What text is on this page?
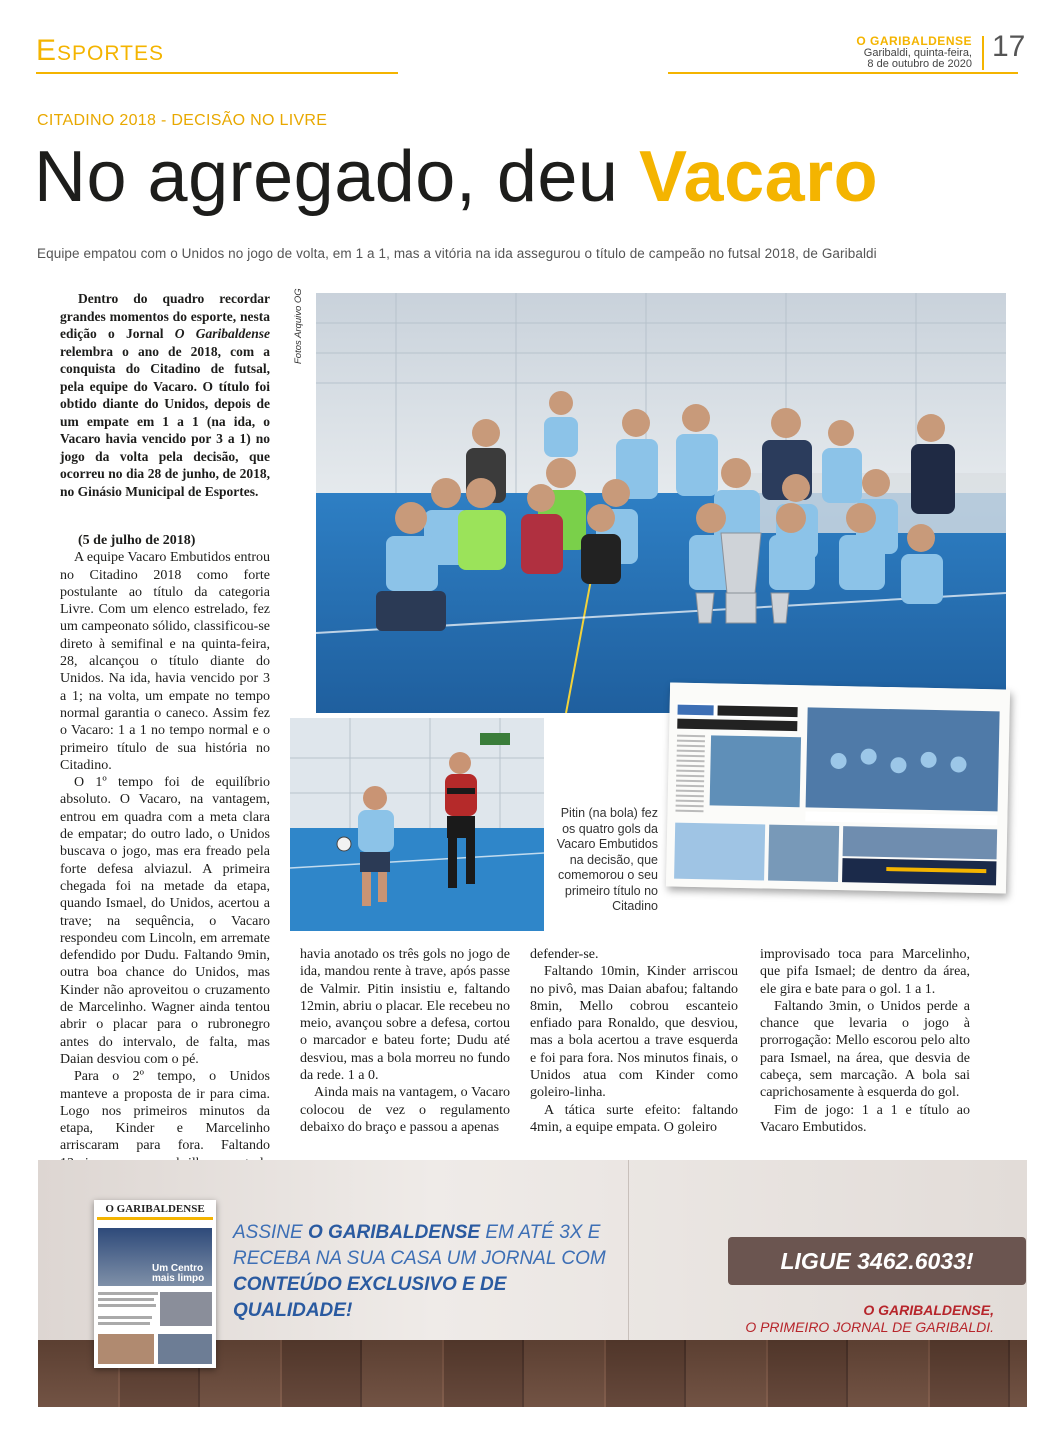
Esportes	O GARIBALDENSE
Garibaldi, quinta-feira,
8 de outubro de 2020
17
CITADINO 2018 - DECISÃO NO LIVRE
No agregado, deu Vacaro
Equipe empatou com o Unidos no jogo de volta, em 1 a 1, mas a vitória na ida assegurou o título de campeão no futsal 2018, de Garibaldi

Dentro do quadro recordar grandes momentos do esporte, nesta edição o Jornal O Garibaldense relembra o ano de 2018, com a conquista do Citadino de futsal, pela equipe do Vacaro. O título foi obtido diante do Unidos, depois de um empate em 1 a 1 (na ida, o Vacaro havia vencido por 3 a 1) no jogo da volta pela decisão, que ocorreu no dia 28 de junho, de 2018, no Ginásio Municipal de Esportes.

(5 de julho de 2018)

A equipe Vacaro Embutidos entrou no Citadino 2018 como forte postulante ao título da categoria Livre. Com um elenco estrelado, fez um campeonato sólido, classificou-se direto à semifinal e na quinta-feira, 28, alcançou o título diante do Unidos. Na ida, havia vencido por 3 a 1; na volta, um empate no tempo normal garantia o caneco. Assim fez o Vacaro: 1 a 1 no tempo normal e o primeiro título de sua história no Citadino.

O 1º tempo foi de equilíbrio absoluto. O Vacaro, na vantagem, entrou em quadra com a meta clara de empatar; do outro lado, o Unidos buscava o jogo, mas era freado pela forte defesa alviazul. A primeira chegada foi na metade da etapa, quando Ismael, do Unidos, acertou a trave; na sequência, o Vacaro respondeu com Lincoln, em arremate defendido por Dudu. Faltando 9min, outra boa chance do Unidos, mas Kinder não aproveitou o cruzamento de Marcelinho. Wagner ainda tentou abrir o placar para o rubronegro antes do intervalo, de falta, mas Daian desviou com o pé.

Para o 2º tempo, o Unidos manteve a proposta de ir para cima. Logo nos primeiros minutos da etapa, Kinder e Marcelinho arriscaram para fora. Faltando

havia anotado os três gols no jogo de ida, mandou rente à trave, após passe de Valmir. Pitin insistiu e, faltando 12min, abriu o placar. Ele recebeu no meio, avançou sobre a defesa, cortou o marcador e bateu forte; Dudu até desviou, mas a bola morreu no fundo da rede. 1 a 0.

Ainda mais na vantagem, o Vacaro colocou de vez o regulamento debaixo do braço e passou a apenas

defender-se.

Faltando 10min, Kinder arriscou no pivô, mas Daian abafou; faltando 8min, Mello cobrou escanteio enfiado para Ronaldo, que desviou, mas a bola acertou a trave esquerda e foi para fora. Nos minutos finais, o Unidos atua com Kinder como goleiro-linha.

A tática surte efeito: faltando 4min, a equipe empata. O goleiro

improvisado toca para Marcelinho, que pifa Ismael; de dentro da área, ele gira e bate para o gol. 1 a 1.

Faltando 3min, o Unidos perde a chance que levaria o jogo à prorrogação: Mello escorou pelo alto para Ismael, na área, que desvia de cabeça, sem marcação. A bola sai caprichosamente à esquerda do gol.

Fim de jogo: 1 a 1 e título ao Vacaro Embutidos.

Fotos Arquivo OG
Pitin (na bola) fez os quatro gols da Vacaro Embutidos na decisão, que comemorou o seu primeiro título no Citadino
O GARIBALDENSE
Um Centro mais limpo
ASSINE O GARIBALDENSE EM ATÉ 3X E RECEBA NA SUA CASA UM JORNAL COM CONTEÚDO EXCLUSIVO E DE QUALIDADE!
LIGUE 3462.6033!
O GARIBALDENSE,
O PRIMEIRO JORNAL DE GARIBALDI.
